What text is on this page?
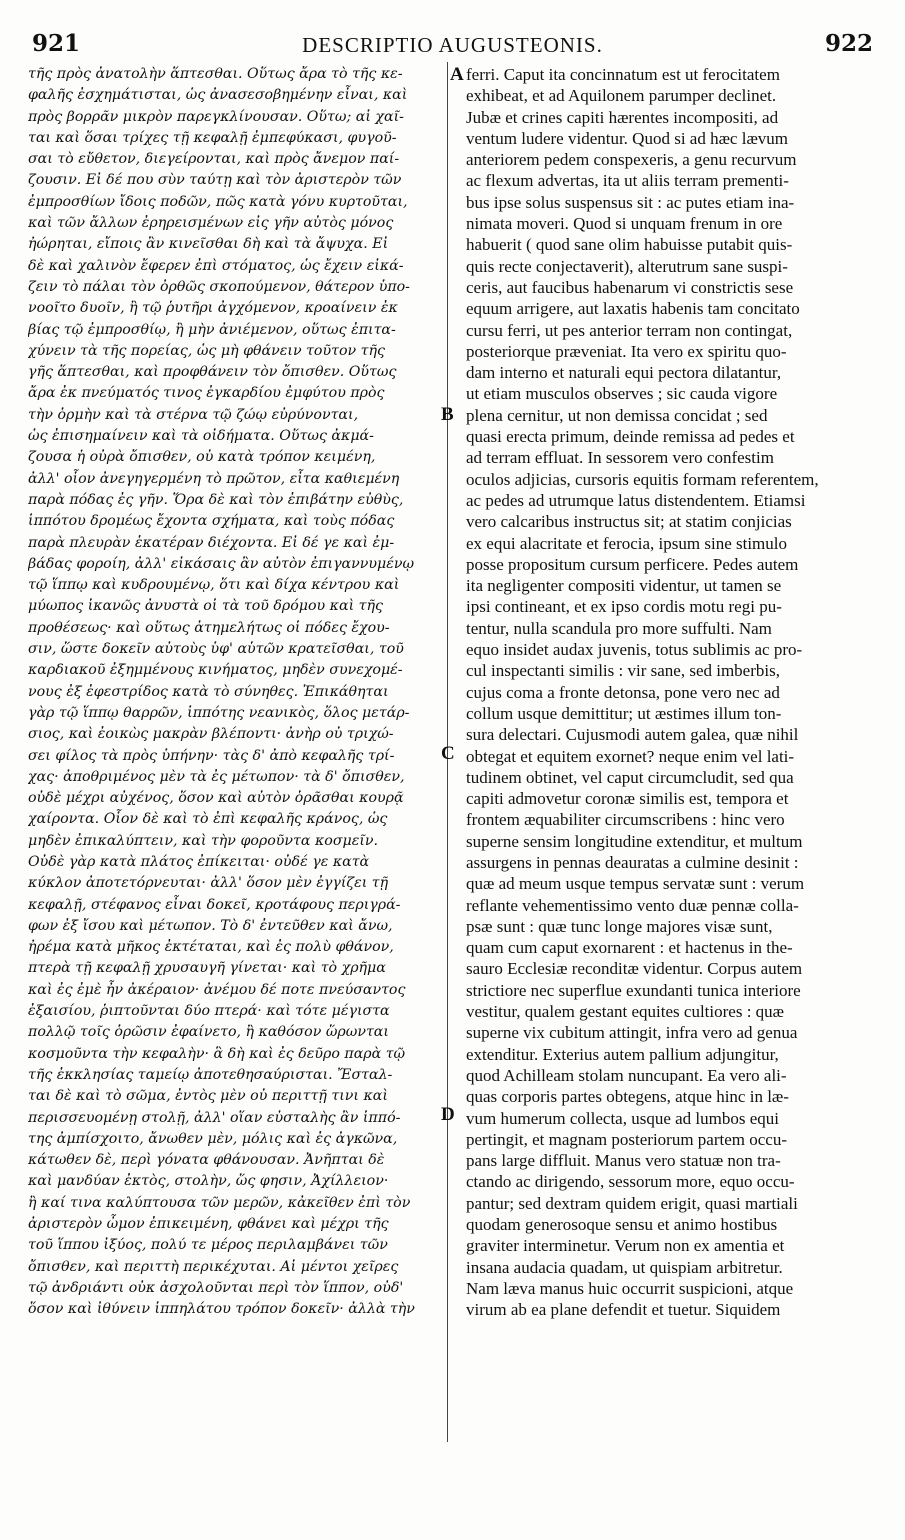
921	DESCRIPTIO AUGUSTEONIS.	922
τῆς πρὸς ἀνατολὴν ἅπτεσθαι. Οὕτως ἄρα τὸ τῆς κε-
φαλῆς ἐσχημάτισται, ὡς ἀνασεσοβημένην εἶναι, καὶ
πρὸς βορρᾶν μικρὸν παρεγκλίνουσαν. Οὕτω; αἱ χαῖ-
ται καὶ ὅσαι τρίχες τῇ κεφαλῇ ἐμπεφύκασι, φυγοῦ-
σαι τὸ εὔθετον, διεγείρονται, καὶ πρὸς ἄνεμον παί-
ζουσιν. Εἰ δέ που σὺν ταύτῃ καὶ τὸν ἀριστερὸν τῶν
ἐμπροσθίων ἴδοις ποδῶν, πῶς κατὰ γόνυ κυρτοῦται,
καὶ τῶν ἄλλων ἐρηρεισμένων εἰς γῆν αὐτὸς μόνος
ἠώρηται, εἴποις ἂν κινεῖσθαι δὴ καὶ τὰ ἄψυχα. Εἰ
δὲ καὶ χαλινὸν ἔφερεν ἐπὶ στόματος, ὡς ἔχειν εἰκά-
ζειν τὸ πάλαι τὸν ὀρθῶς σκοπούμενον, θάτερον ὑπο-
νοοῖτο δυοῖν, ἢ τῷ ῥυτῆρι ἀγχόμενον, κροαίνειν ἐκ
βίας τῷ ἐμπροσθίῳ, ἢ μὴν ἀνιέμενον, οὕτως ἐπιτα-
χύνειν τὰ τῆς πορείας, ὡς μὴ φθάνειν τοῦτον τῆς
γῆς ἅπτεσθαι, καὶ προφθάνειν τὸν ὄπισθεν. Οὕτως
ἄρα ἐκ πνεύματός τινος ἐγκαρδίου ἐμφύτου πρὸς
τὴν ὁρμὴν καὶ τὰ στέρνα τῷ ζώῳ εὐρύνονται,
ὡς ἐπισημαίνειν καὶ τὰ οἰδήματα. Οὕτως ἀκμά-
ζουσα ἡ οὐρὰ ὄπισθεν, οὐ κατὰ τρόπον κειμένη,
ἀλλ' οἷον ἀνεγηγερμένη τὸ πρῶτον, εἶτα καθιεμένη
παρὰ πόδας ἐς γῆν. Ὅρα δὲ καὶ τὸν ἐπιβάτην εὐθὺς,
ἱππότου δρομέως ἔχοντα σχήματα, καὶ τοὺς πόδας
παρὰ πλευρὰν ἑκατέραν διέχοντα. Εἰ δέ γε καὶ ἐμ-
βάδας φοροίη, ἀλλ' εἰκάσαις ἂν αὐτὸν ἐπιγαννυμένῳ
τῷ ἵππῳ καὶ κυδρουμένῳ, ὅτι καὶ δίχα κέντρου καὶ
μύωπος ἱκανῶς ἀνυστὰ οἱ τὰ τοῦ δρόμου καὶ τῆς
προθέσεως· καὶ οὕτως ἀτημελήτως οἱ πόδες ἔχου-
σιν, ὥστε δοκεῖν αὐτοὺς ὑφ' αὑτῶν κρατεῖσθαι, τοῦ
καρδιακοῦ ἐξημμένους κινήματος, μηδὲν συνεχομέ-
νους ἐξ ἐφεστρίδος κατὰ τὸ σύνηθες. Ἐπικάθηται
γὰρ τῷ ἵππῳ θαρρῶν, ἱππότης νεανικὸς, ὅλος μετάρ-
σιος, καὶ ἐοικὼς μακρὰν βλέποντι· ἀνὴρ οὐ τριχώ-
σει φίλος τὰ πρὸς ὑπήνην· τὰς δ' ἀπὸ κεφαλῆς τρί-
χας· ἀποθριμένος μὲν τὰ ἐς μέτωπον· τὰ δ' ὄπισθεν,
οὐδὲ μέχρι αὐχένος, ὅσον καὶ αὐτὸν ὁρᾶσθαι κουρᾷ
χαίροντα. Οἷον δὲ καὶ τὸ ἐπὶ κεφαλῆς κράνος, ὡς
μηδὲν ἐπικαλύπτειν, καὶ τὴν φοροῦντα κοσμεῖν.
Οὐδὲ γὰρ κατὰ πλάτος ἐπίκειται· οὐδέ γε κατὰ
κύκλον ἀποτετόρνευται· ἀλλ' ὅσον μὲν ἐγγίζει τῇ
κεφαλῇ, στέφανος εἶναι δοκεῖ, κροτάφους περιγρά-
φων ἐξ ἴσου καὶ μέτωπον. Τὸ δ' ἐντεῦθεν καὶ ἄνω,
ἠρέμα κατὰ μῆκος ἐκτέταται, καὶ ἐς πολὺ φθάνον,
πτερὰ τῇ κεφαλῇ χρυσαυγῆ γίνεται· καὶ τὸ χρῆμα
καὶ ἐς ἐμὲ ἦν ἀκέραιον· ἀνέμου δέ ποτε πνεύσαντος
ἐξαισίου, ῥιπτοῦνται δύο πτερά· καὶ τότε μέγιστα
πολλῷ τοῖς ὁρῶσιν ἐφαίνετο, ἢ καθόσον ὥρωνται
κοσμοῦντα τὴν κεφαλὴν· ἃ δὴ καὶ ἐς δεῦρο παρὰ τῷ
τῆς ἐκκλησίας ταμείῳ ἀποτεθησαύρισται. Ἔσταλ-
ται δὲ καὶ τὸ σῶμα, ἐντὸς μὲν οὐ περιττῇ τινι καὶ
περισσευομένῃ στολῇ, ἀλλ' οἵαν εὐσταλὴς ἂν ἱππό-
της ἀμπίσχοιτο, ἄνωθεν μὲν, μόλις καὶ ἐς ἀγκῶνα,
κάτωθεν δὲ, περὶ γόνατα φθάνουσαν. Ἀνῆπται δὲ
καὶ μανδύαν ἐκτὸς, στολὴν, ὥς φησιν, Ἀχίλλειον·
ἢ καί τινα καλύπτουσα τῶν μερῶν, κἀκεῖθεν ἐπὶ τὸν
ἀριστερὸν ὦμον ἐπικειμένη, φθάνει καὶ μέχρι τῆς
τοῦ ἵππου ἰξύος, πολύ τε μέρος περιλαμβάνει τῶν
ὄπισθεν, καὶ περιττὴ περικέχυται. Αἱ μέντοι χεῖρες
τῷ ἀνδριάντι οὐκ ἀσχολοῦνται περὶ τὸν ἵππον, οὐδ'
ὅσον καὶ ἰθύνειν ἱππηλάτου τρόπον δοκεῖν· ἀλλὰ τὴν
ferri. Caput ita concinnatum est ut ferocitatem
exhibeat, et ad Aquilonem parumper declinet.
Jubæ et crines capiti hærentes incompositi, ad
ventum ludere videntur. Quod si ad hæc lævum
anteriorem pedem conspexeris, a genu recurvum
ac flexum advertas, ita ut aliis terram prementi-
bus ipse solus suspensus sit : ac putes etiam ina-
nimata moveri. Quod si unquam frenum in ore
habuerit ( quod sane olim habuisse putabit quis-
quis recte conjectaverit), alterutrum sane suspi-
ceris, aut faucibus habenarum vi constrictis sese
equum arrigere, aut laxatis habenis tam concitato
cursu ferri, ut pes anterior terram non contingat,
posteriorque præveniat. Ita vero ex spiritu quo-
dam interno et naturali equi pectora dilatantur,
ut etiam musculos observes ; sic cauda vigore
plena cernitur, ut non demissa concidat ; sed
quasi erecta primum, deinde remissa ad pedes et
ad terram effluat. In sessorem vero confestim
oculos adjicias, cursoris equitis formam referentem,
ac pedes ad utrumque latus distendentem. Etiamsi
vero calcaribus instructus sit; at statim conjicias
ex equi alacritate et ferocia, ipsum sine stimulo
posse propositum cursum perficere. Pedes autem
ita negligenter compositi videntur, ut tamen se
ipsi contineant, et ex ipso cordis motu regi pu-
tentur, nulla scandula pro more suffulti. Nam
equo insidet audax juvenis, totus sublimis ac pro-
cul inspectanti similis : vir sane, sed imberbis,
cujus coma a fronte detonsa, pone vero nec ad
collum usque demittitur; ut æstimes illum ton-
sura delectari. Cujusmodi autem galea, quæ nihil
obtegat et equitem exornet? neque enim vel lati-
tudinem obtinet, vel caput circumcludit, sed qua
capiti admovetur coronæ similis est, tempora et
frontem æquabiliter circumscribens : hinc vero
superne sensim longitudine extenditur, et multum
assurgens in pennas deauratas a culmine desinit :
quæ ad meum usque tempus servatæ sunt : verum
reflante vehementissimo vento duæ pennæ colla-
psæ sunt : quæ tunc longe majores visæ sunt,
quam cum caput exornarent : et hactenus in the-
sauro Ecclesiæ reconditæ videntur. Corpus autem
strictiore nec superflue exundanti tunica interiore
vestitur, qualem gestant equites cultiores : quæ
superne vix cubitum attingit, infra vero ad genua
extenditur. Exterius autem pallium adjungitur,
quod Achilleam stolam nuncupant. Ea vero ali-
quas corporis partes obtegens, atque hinc in læ-
vum humerum collecta, usque ad lumbos equi
pertingit, et magnam posteriorum partem occu-
pans large diffluit. Manus vero statuæ non tra-
ctando ac dirigendo, sessorum more, equo occu-
pantur; sed dextram quidem erigit, quasi martiali
quodam generosoque sensu et animo hostibus
graviter interminetur. Verum non ex amentia et
insana audacia quadam, ut quispiam arbitretur.
Nam læva manus huic occurrit suspicioni, atque
virum ab ea plane defendit et tuetur. Siquidem
A
B
C
D
